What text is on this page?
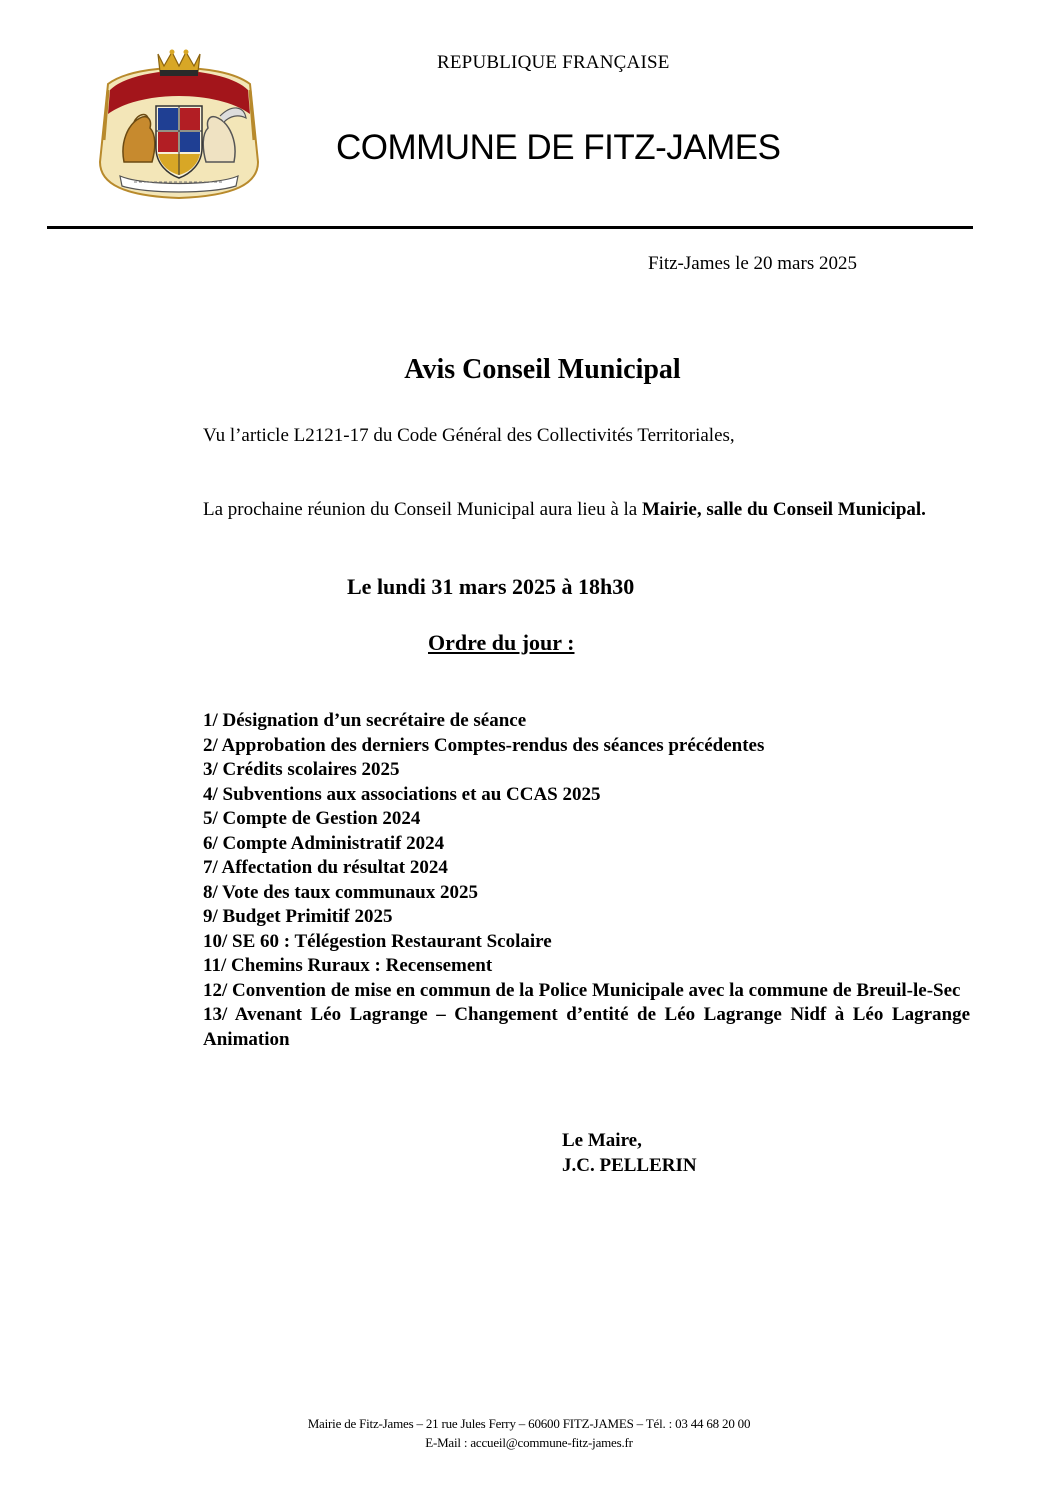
REPUBLIQUE FRANÇAISE
COMMUNE DE FITZ-JAMES
Fitz-James le 20 mars 2025
Avis Conseil Municipal
Vu l’article L2121-17 du Code Général des Collectivités Territoriales,
La prochaine réunion du Conseil Municipal aura lieu à la Mairie, salle du Conseil Municipal.
Le lundi 31 mars 2025 à 18h30
Ordre du jour :
1/ Désignation d’un secrétaire de séance
2/ Approbation des derniers Comptes-rendus des séances précédentes
3/ Crédits scolaires 2025
4/ Subventions aux associations et au CCAS 2025
5/ Compte de Gestion 2024
6/ Compte Administratif 2024
7/ Affectation du résultat 2024
8/ Vote des taux communaux 2025
9/ Budget Primitif 2025
10/ SE 60 : Télégestion Restaurant Scolaire
11/ Chemins Ruraux : Recensement
12/ Convention de mise en commun de la Police Municipale avec la commune de Breuil-le-Sec
13/ Avenant Léo Lagrange – Changement d’entité de Léo Lagrange Nidf à Léo Lagrange Animation
Le Maire,
J.C. PELLERIN
Mairie de Fitz-James – 21 rue Jules Ferry – 60600 FITZ-JAMES – Tél. : 03 44 68 20 00
E-Mail : accueil@commune-fitz-james.fr
